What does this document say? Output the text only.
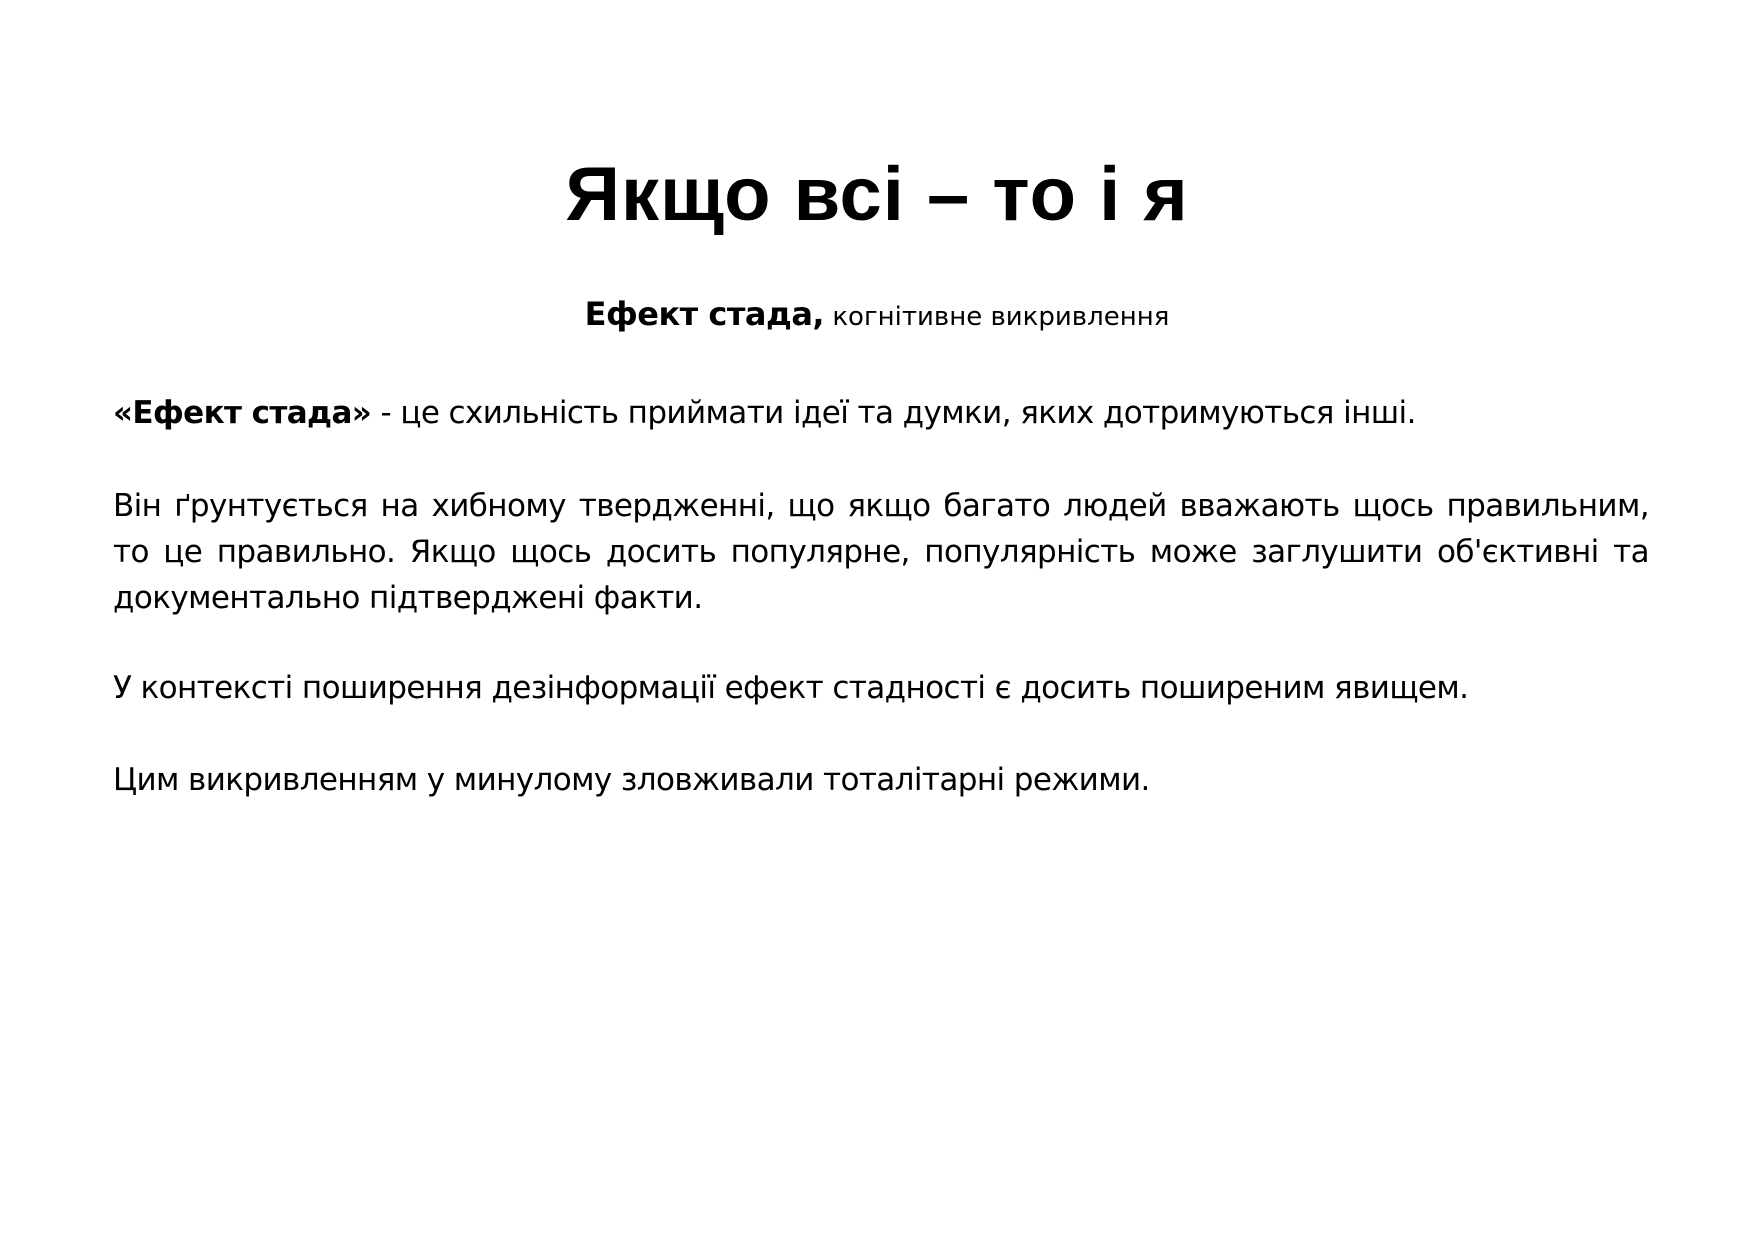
Якщо всі – то і я

Ефект стада, когнітивне викривлення

«Ефект стада» - це схильність приймати ідеї та думки, яких дотримуються інші.

Він ґрунтується на хибному твердженні, що якщо багато людей вважають щось правильним, то це правильно. Якщо щось досить популярне, популярність може заглушити об'єктивні та документально підтверджені факти.

У контексті поширення дезінформації ефект стадності є досить поширеним явищем.

Цим викривленням у минулому зловживали тоталітарні режими.
